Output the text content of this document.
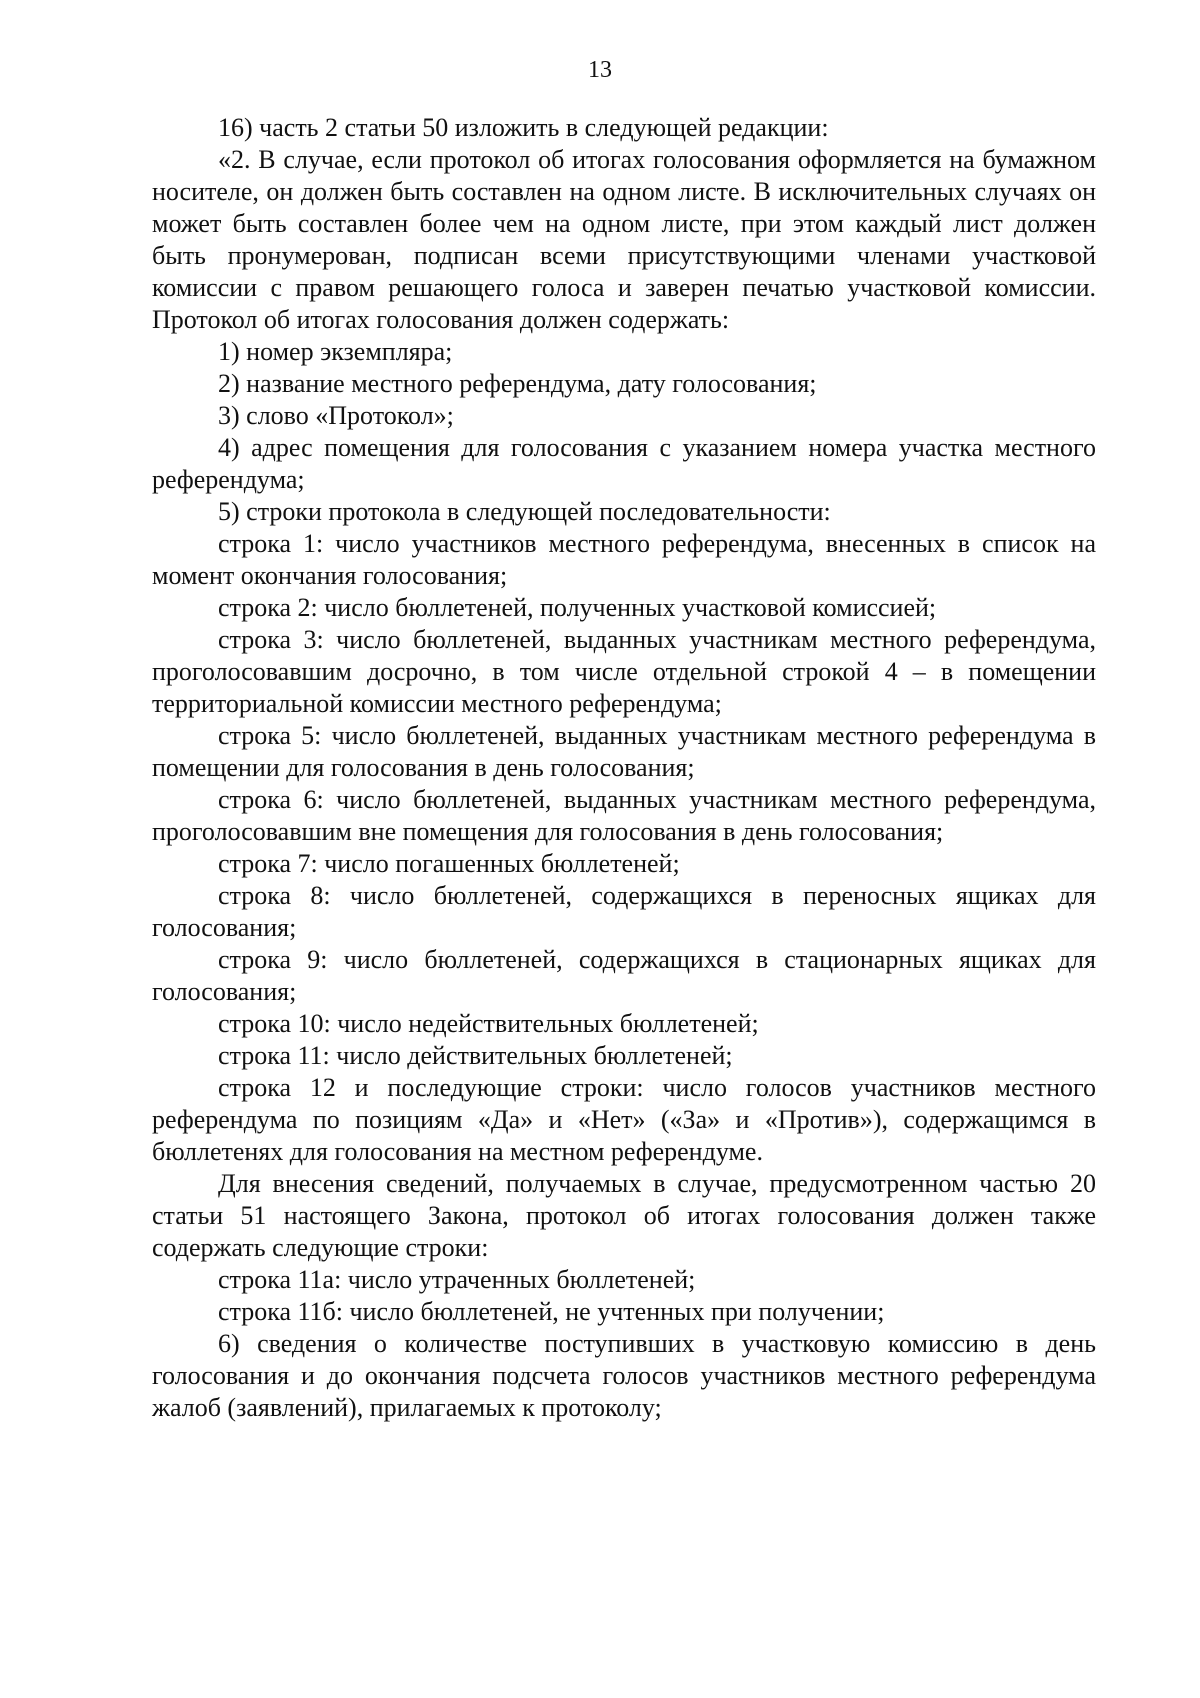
13

16) часть 2 статьи 50 изложить в следующей редакции:

«2. В случае, если протокол об итогах голосования оформляется на бумажном носителе, он должен быть составлен на одном листе. В исключительных случаях он может быть составлен более чем на одном листе, при этом каждый лист должен быть пронумерован, подписан всеми присутствующими членами участковой комиссии с правом решающего голоса и заверен печатью участковой комиссии. Протокол об итогах голосования должен содержать:

1) номер экземпляра;

2) название местного референдума, дату голосования;

3) слово «Протокол»;

4) адрес помещения для голосования с указанием номера участка местного референдума;

5) строки протокола в следующей последовательности:

строка 1: число участников местного референдума, внесенных в список на момент окончания голосования;

строка 2: число бюллетеней, полученных участковой комиссией;

строка 3: число бюллетеней, выданных участникам местного референдума, проголосовавшим досрочно, в том числе отдельной строкой 4 – в помещении территориальной комиссии местного референдума;

строка 5: число бюллетеней, выданных участникам местного референдума в помещении для голосования в день голосования;

строка 6: число бюллетеней, выданных участникам местного референдума, проголосовавшим вне помещения для голосования в день голосования;

строка 7: число погашенных бюллетеней;

строка 8: число бюллетеней, содержащихся в переносных ящиках для голосования;

строка 9: число бюллетеней, содержащихся в стационарных ящиках для голосования;

строка 10: число недействительных бюллетеней;

строка 11: число действительных бюллетеней;

строка 12 и последующие строки: число голосов участников местного референдума по позициям «Да» и «Нет» («За» и «Против»), содержащимся в бюллетенях для голосования на местном референдуме.

Для внесения сведений, получаемых в случае, предусмотренном частью 20 статьи 51 настоящего Закона, протокол об итогах голосования должен также содержать следующие строки:

строка 11а: число утраченных бюллетеней;

строка 11б: число бюллетеней, не учтенных при получении;

6) сведения о количестве поступивших в участковую комиссию в день голосования и до окончания подсчета голосов участников местного референдума жалоб (заявлений), прилагаемых к протоколу;
